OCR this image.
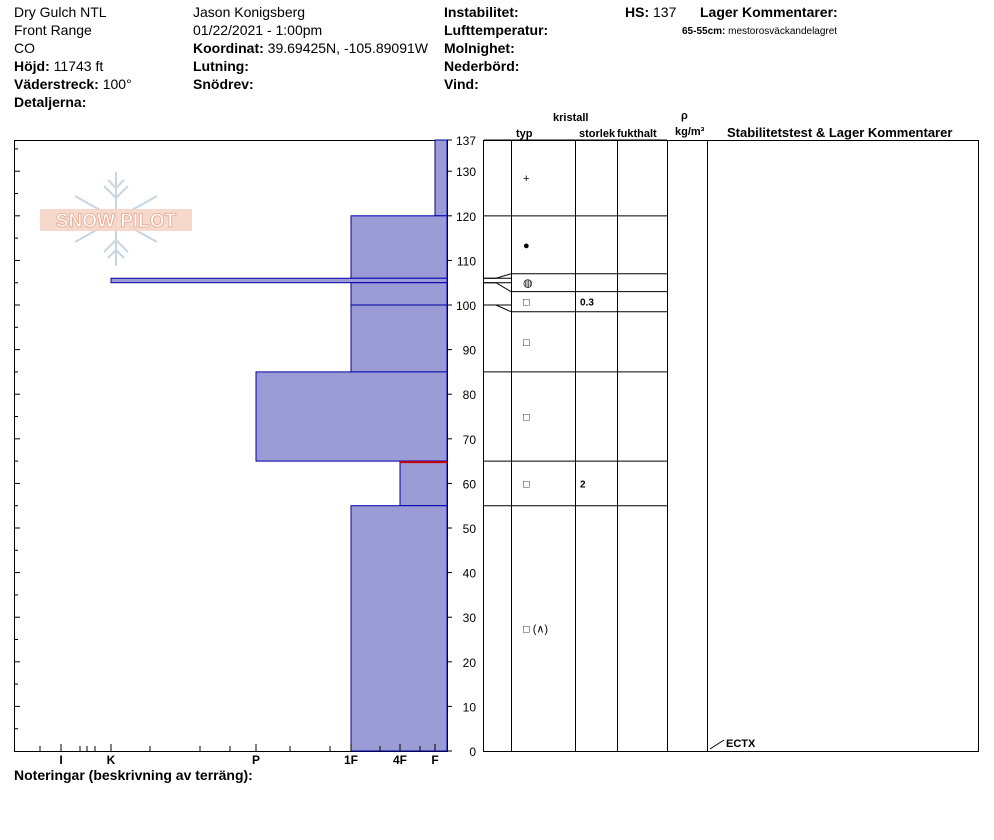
Dry Gulch NTL
Front Range
CO
Höjd: 11743 ft
Väderstreck: 100°
Detaljerna:
Jason Konigsberg
01/22/2021 - 1:00pm
Koordinat: 39.69425N, -105.89091W
Lutning:
Snödrev:
Instabilitet:
Lufttemperatur:
Molnighet:
Nederbörd:
Vind:
HS: 137 Lager Kommentarer:
65-55cm: mestorosväckandelagret
kristall
typ	storlek fukthalt
ρ
kg/m³ Stabilitetstest & Lager Kommentarer
SNOW PILOT
I	K	P	1F	4F F
0
10
20
30
40
50
60
70
80
90
100
110
120
130
137
+
●
◍
□	0.3
□
□
□	2
□ (∧)
ECTX
Noteringar (beskrivning av terräng):
